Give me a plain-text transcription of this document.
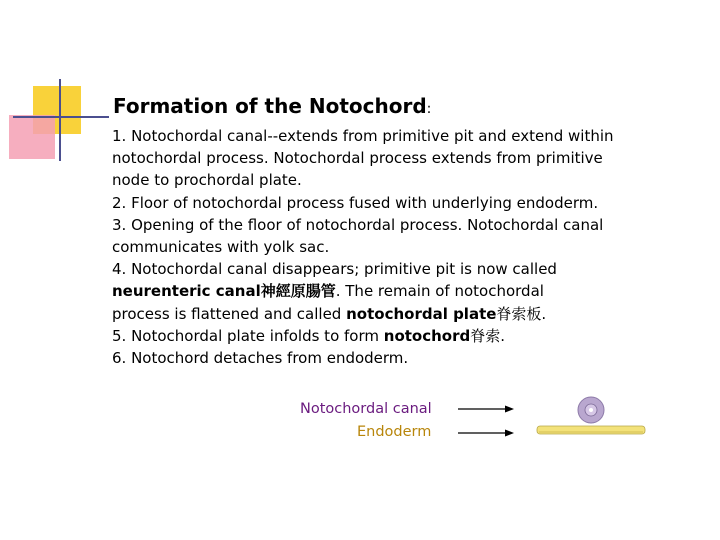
Formation of the Notochord:
1. Notochordal canal--extends from primitive pit and extend within
notochordal process. Notochordal process extends from primitive
node to prochordal plate.
2. Floor of notochordal process fused with underlying endoderm.
3. Opening of the floor of notochordal process. Notochordal canal
communicates with yolk sac.
4. Notochordal canal disappears; primitive pit is now called
neurenteric canal神經原腸管. The remain of notochordal
process is flattened and called notochordal plate脊索板.
5. Notochordal plate infolds to form notochord脊索.
6. Notochord detaches from endoderm.
Notochordal canal
Endoderm
